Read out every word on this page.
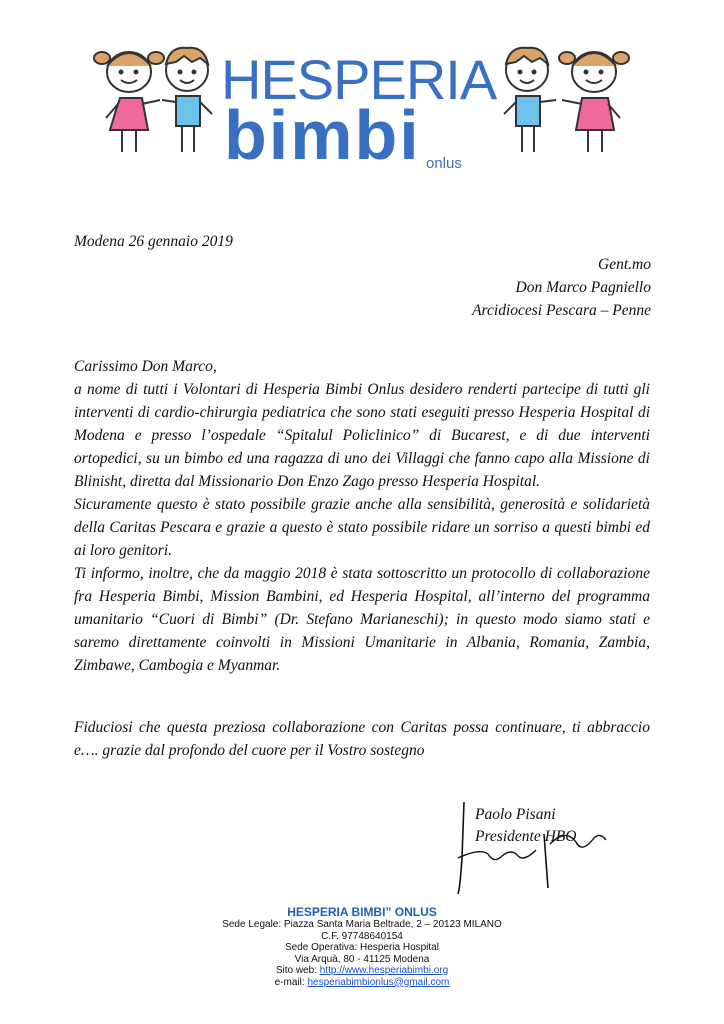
HESPERIA
bimbi onlus
Modena 26 gennaio 2019
Gent.mo
Don Marco Pagniello
Arcidiocesi Pescara – Penne

Carissimo Don Marco,

a nome di tutti i Volontari di Hesperia Bimbi Onlus desidero renderti partecipe di tutti gli interventi di cardio-chirurgia pediatrica che sono stati eseguiti presso Hesperia Hospital di Modena e presso l’ospedale “Spitalul Policlinico” di Bucarest, e di due interventi ortopedici, su un bimbo ed una ragazza di uno dei Villaggi che fanno capo alla Missione di Blinisht, diretta dal Missionario Don Enzo Zago presso Hesperia Hospital.

Sicuramente questo è stato possibile grazie anche alla sensibilità, generosità e solidarietà della Caritas Pescara e grazie a questo è stato possibile ridare un sorriso a questi bimbi ed ai loro genitori.

Ti informo, inoltre, che da maggio 2018 è stata sottoscritto un protocollo di collaborazione fra Hesperia Bimbi, Mission Bambini, ed Hesperia Hospital, all’interno del programma umanitario “Cuori di Bimbi” (Dr. Stefano Marianeschi); in questo modo siamo stati e saremo direttamente coinvolti in Missioni Umanitarie in Albania, Romania, Zambia, Zimbawe, Cambogia e Myanmar.

Fiduciosi che questa preziosa collaborazione con Caritas possa continuare, ti abbraccio e…. grazie dal profondo del cuore per il Vostro sostegno
Paolo Pisani
Presidente HBO
HESPERIA BIMBI” ONLUS
Sede Legale: Piazza Santa Maria Beltrade, 2 – 20123 MILANO
C.F. 97748640154
Sede Operativa: Hesperia Hospital
Via Arquà, 80 - 41125 Modena
Sito web: http://www.hesperiabimbi.org
e-mail: hesperiabimbionlus@gmail.com
